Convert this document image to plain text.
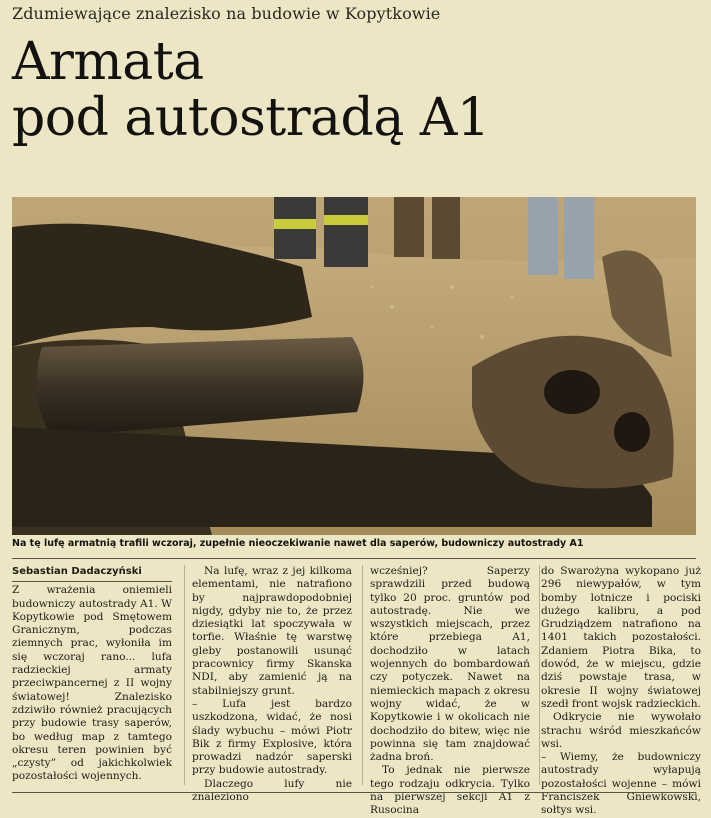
Zdumiewające znalezisko na budowie w Kopytkowie
Armata
pod autostradą A1
Na tę lufę armatnią trafili wczoraj, zupełnie nieoczekiwanie nawet dla saperów, budowniczy autostrady A1
Sebastian Dadaczyński

Z wrażenia oniemieli budowniczy autostrady A1. W Kopytkowie pod Smętowem Granicznym, podczas ziemnych prac, wyłoniła im się wczoraj rano... lufa radzieckiej armaty przeciwpancernej z II wojny światowej! Znalezisko zdziwiło również pracujących przy budowie trasy saperów, bo według map z tamtego okresu teren powinien być „czysty” od jakichkolwiek pozostałości wojennych.

Na lufę, wraz z jej kilkoma elementami, nie natrafiono by najprawdopodobniej nigdy, gdyby nie to, że przez dziesiątki lat spoczywała w torfie. Właśnie tę warstwę gleby postanowili usunąć pracownicy firmy Skanska NDI, aby zamienić ją na stabilniejszy grunt.

– Lufa jest bardzo uszkodzona, widać, że nosi ślady wybuchu – mówi Piotr Bik z firmy Explosive, która prowadzi nadzór saperski przy budowie autostrady.

Dlaczego lufy nie znaleziono

wcześniej? Saperzy sprawdzili przed budową tylko 20 proc. gruntów pod autostradę. Nie we wszystkich miejscach, przez które przebiega A1, dochodziło w latach wojennych do bombardowań czy potyczek. Nawet na niemieckich mapach z okresu wojny widać, że w Kopytkowie i w okolicach nie dochodziło do bitew, więc nie powinna się tam znajdować żadna broń.

To jednak nie pierwsze tego rodzaju odkrycia. Tylko na pierwszej sekcji A1 z Rusocina

do Swarożyna wykopano już 296 niewypałów, w tym bomby lotnicze i pociski dużego kalibru, a pod Grudziądzem natrafiono na 1401 takich pozostałości. Zdaniem Piotra Bika, to dowód, że w miejscu, gdzie dziś powstaje trasa, w okresie II wojny światowej szedł front wojsk radzieckich.

Odkrycie nie wywołało strachu wśród mieszkańców wsi.

– Wiemy, że budowniczy autostrady wyłapują pozostałości wojenne – mówi Franciszek Gniewkowski, sołtys wsi.
